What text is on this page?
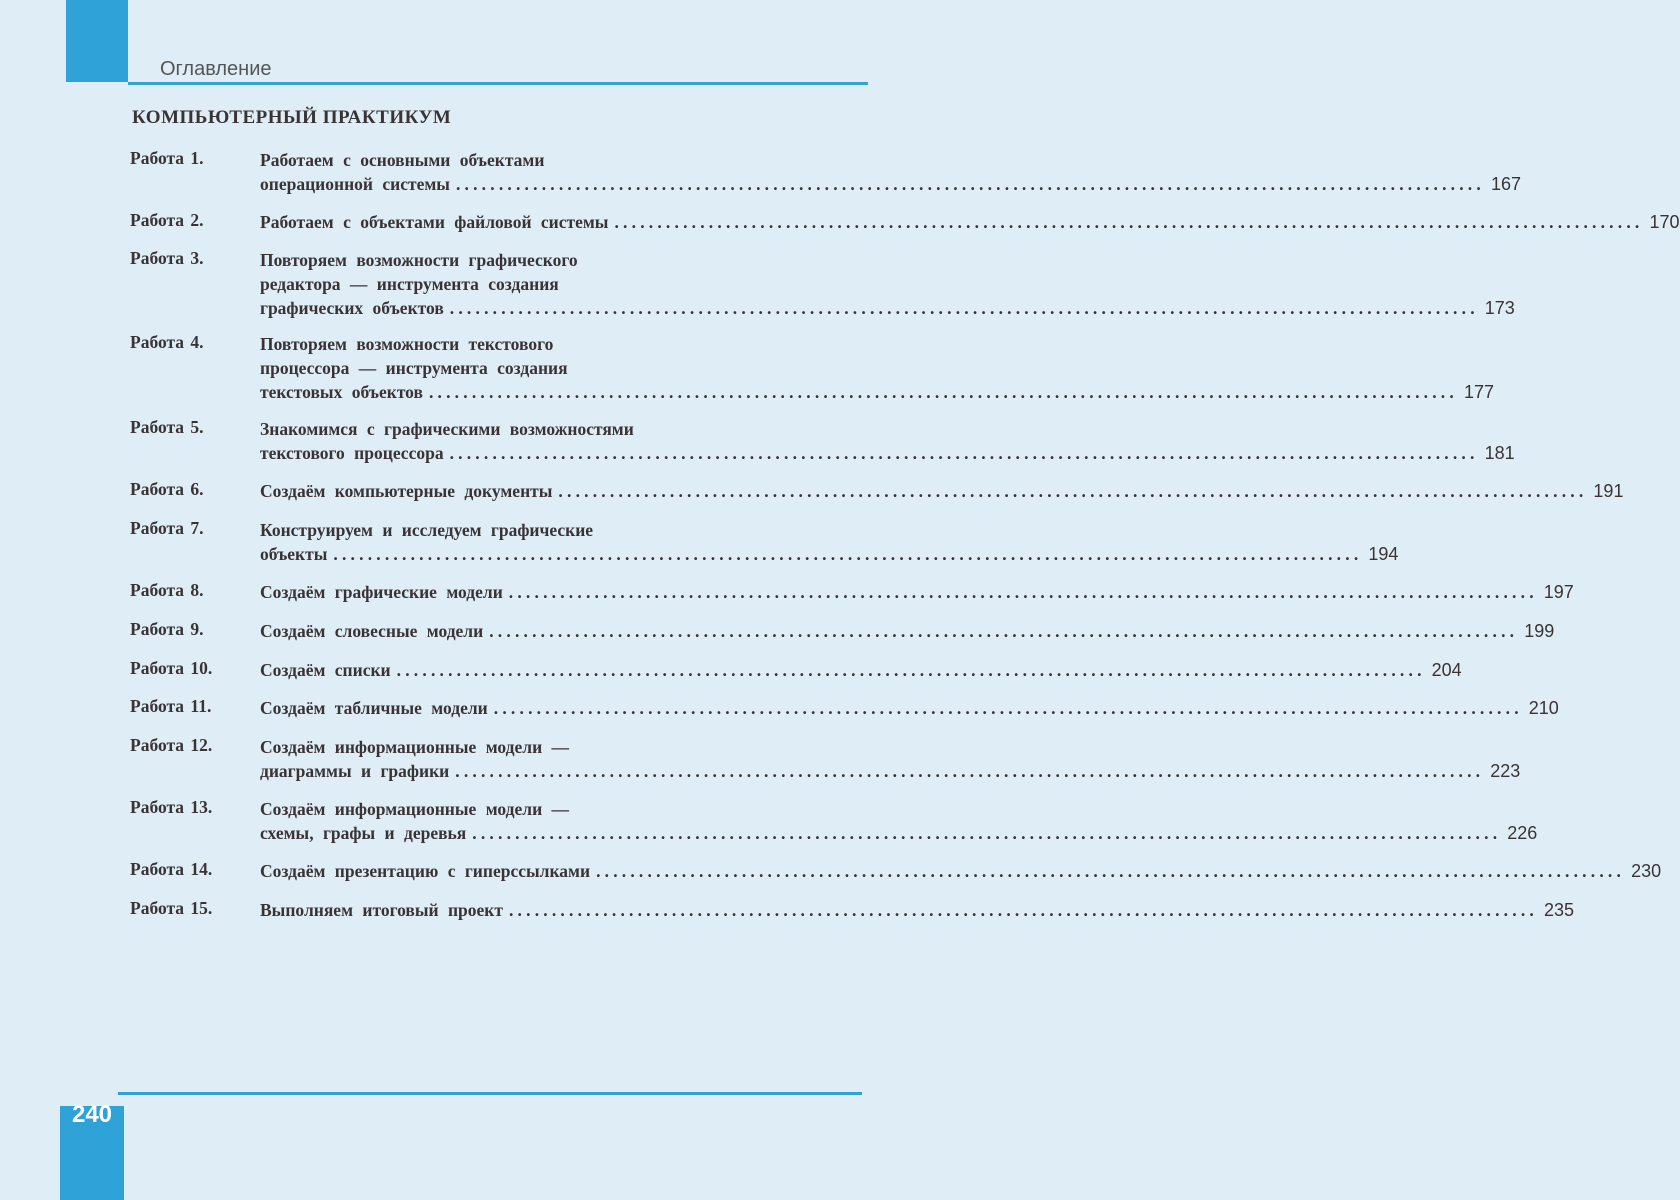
Оглавление
КОМПЬЮТЕРНЫЙ ПРАКТИКУМ
Работа 1.	Работаем с основными объектами
операционной системы ........................................................................................................................ 167
Работа 2.	Работаем с объектами файловой системы ........................................................................................................................ 170
Работа 3.	Повторяем возможности графического
редактора — инструмента создания
графических объектов ........................................................................................................................ 173
Работа 4.	Повторяем возможности текстового
процессора — инструмента создания
текстовых объектов ........................................................................................................................ 177
Работа 5.	Знакомимся с графическими возможностями
текстового процессора ........................................................................................................................ 181
Работа 6.	Создаём компьютерные документы ........................................................................................................................ 191
Работа 7.	Конструируем и исследуем графические
объекты ........................................................................................................................ 194
Работа 8.	Создаём графические модели ........................................................................................................................ 197
Работа 9.	Создаём словесные модели ........................................................................................................................ 199
Работа 10.	Создаём списки ........................................................................................................................ 204
Работа 11.	Создаём табличные модели ........................................................................................................................ 210
Работа 12.	Создаём информационные модели —
диаграммы и графики ........................................................................................................................ 223
Работа 13.	Создаём информационные модели —
схемы, графы и деревья ........................................................................................................................ 226
Работа 14.	Создаём презентацию с гиперссылками ........................................................................................................................ 230
Работа 15.	Выполняем итоговый проект ........................................................................................................................ 235
240
